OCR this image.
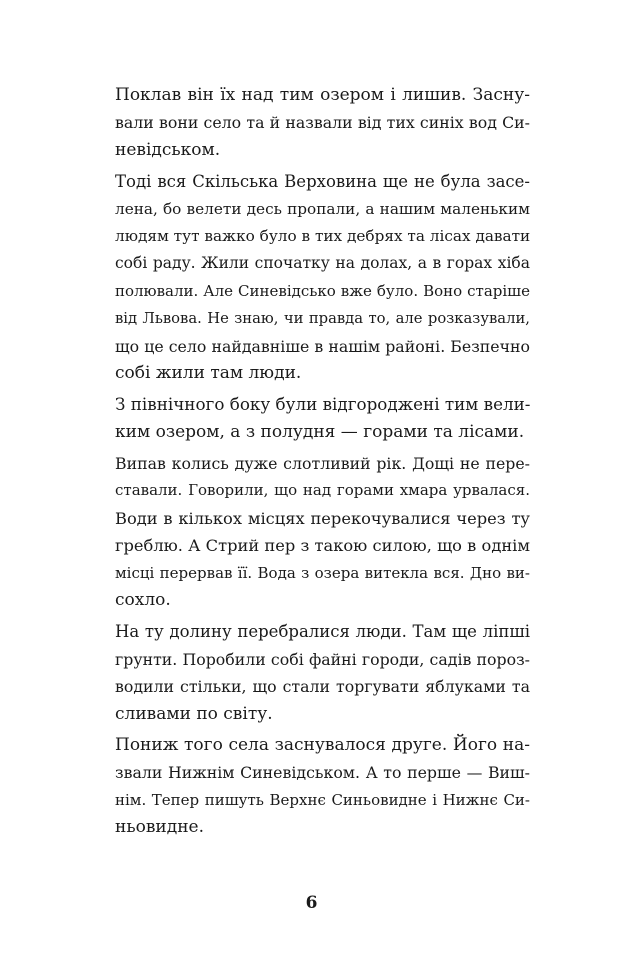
Поклав він їх над тим озером і лишив. Засну-
вали вони село та й назвали від тих синіх вод Си-
невідськом.
Тоді вся Скільська Верховина ще не була засе-
лена, бо велети десь пропали, а нашим маленьким
людям тут важко було в тих дебрях та лісах давати
собі раду. Жили спочатку на долах, а в горах хіба
полювали. Але Синевідсько вже було. Воно старіше
від Львова. Не знаю, чи правда то, але розказували,
що це село найдавніше в нашім районі. Безпечно
собі жили там люди.
З північного боку були відгороджені тим вели-
ким озером, а з полудня — горами та лісами.
Випав колись дуже слотливий рік. Дощі не пере-
ставали. Говорили, що над горами хмара урвалася.
Води в кількох місцях перекочувалися через ту
греблю. А Стрий пер з такою силою, що в однім
місці перервав її. Вода з озера витекла вся. Дно ви-
сохло.
На ту долину перебралися люди. Там ще ліпші
грунти. Поробили собі файні городи, садів пороз-
водили стільки, що стали торгувати яблуками та
сливами по світу.
Пониж того села заснувалося друге. Його на-
звали Нижнім Синевідськом. А то перше — Виш-
нім. Тепер пишуть Верхнє Синьовидне і Нижнє Си-
ньовидне.
6
